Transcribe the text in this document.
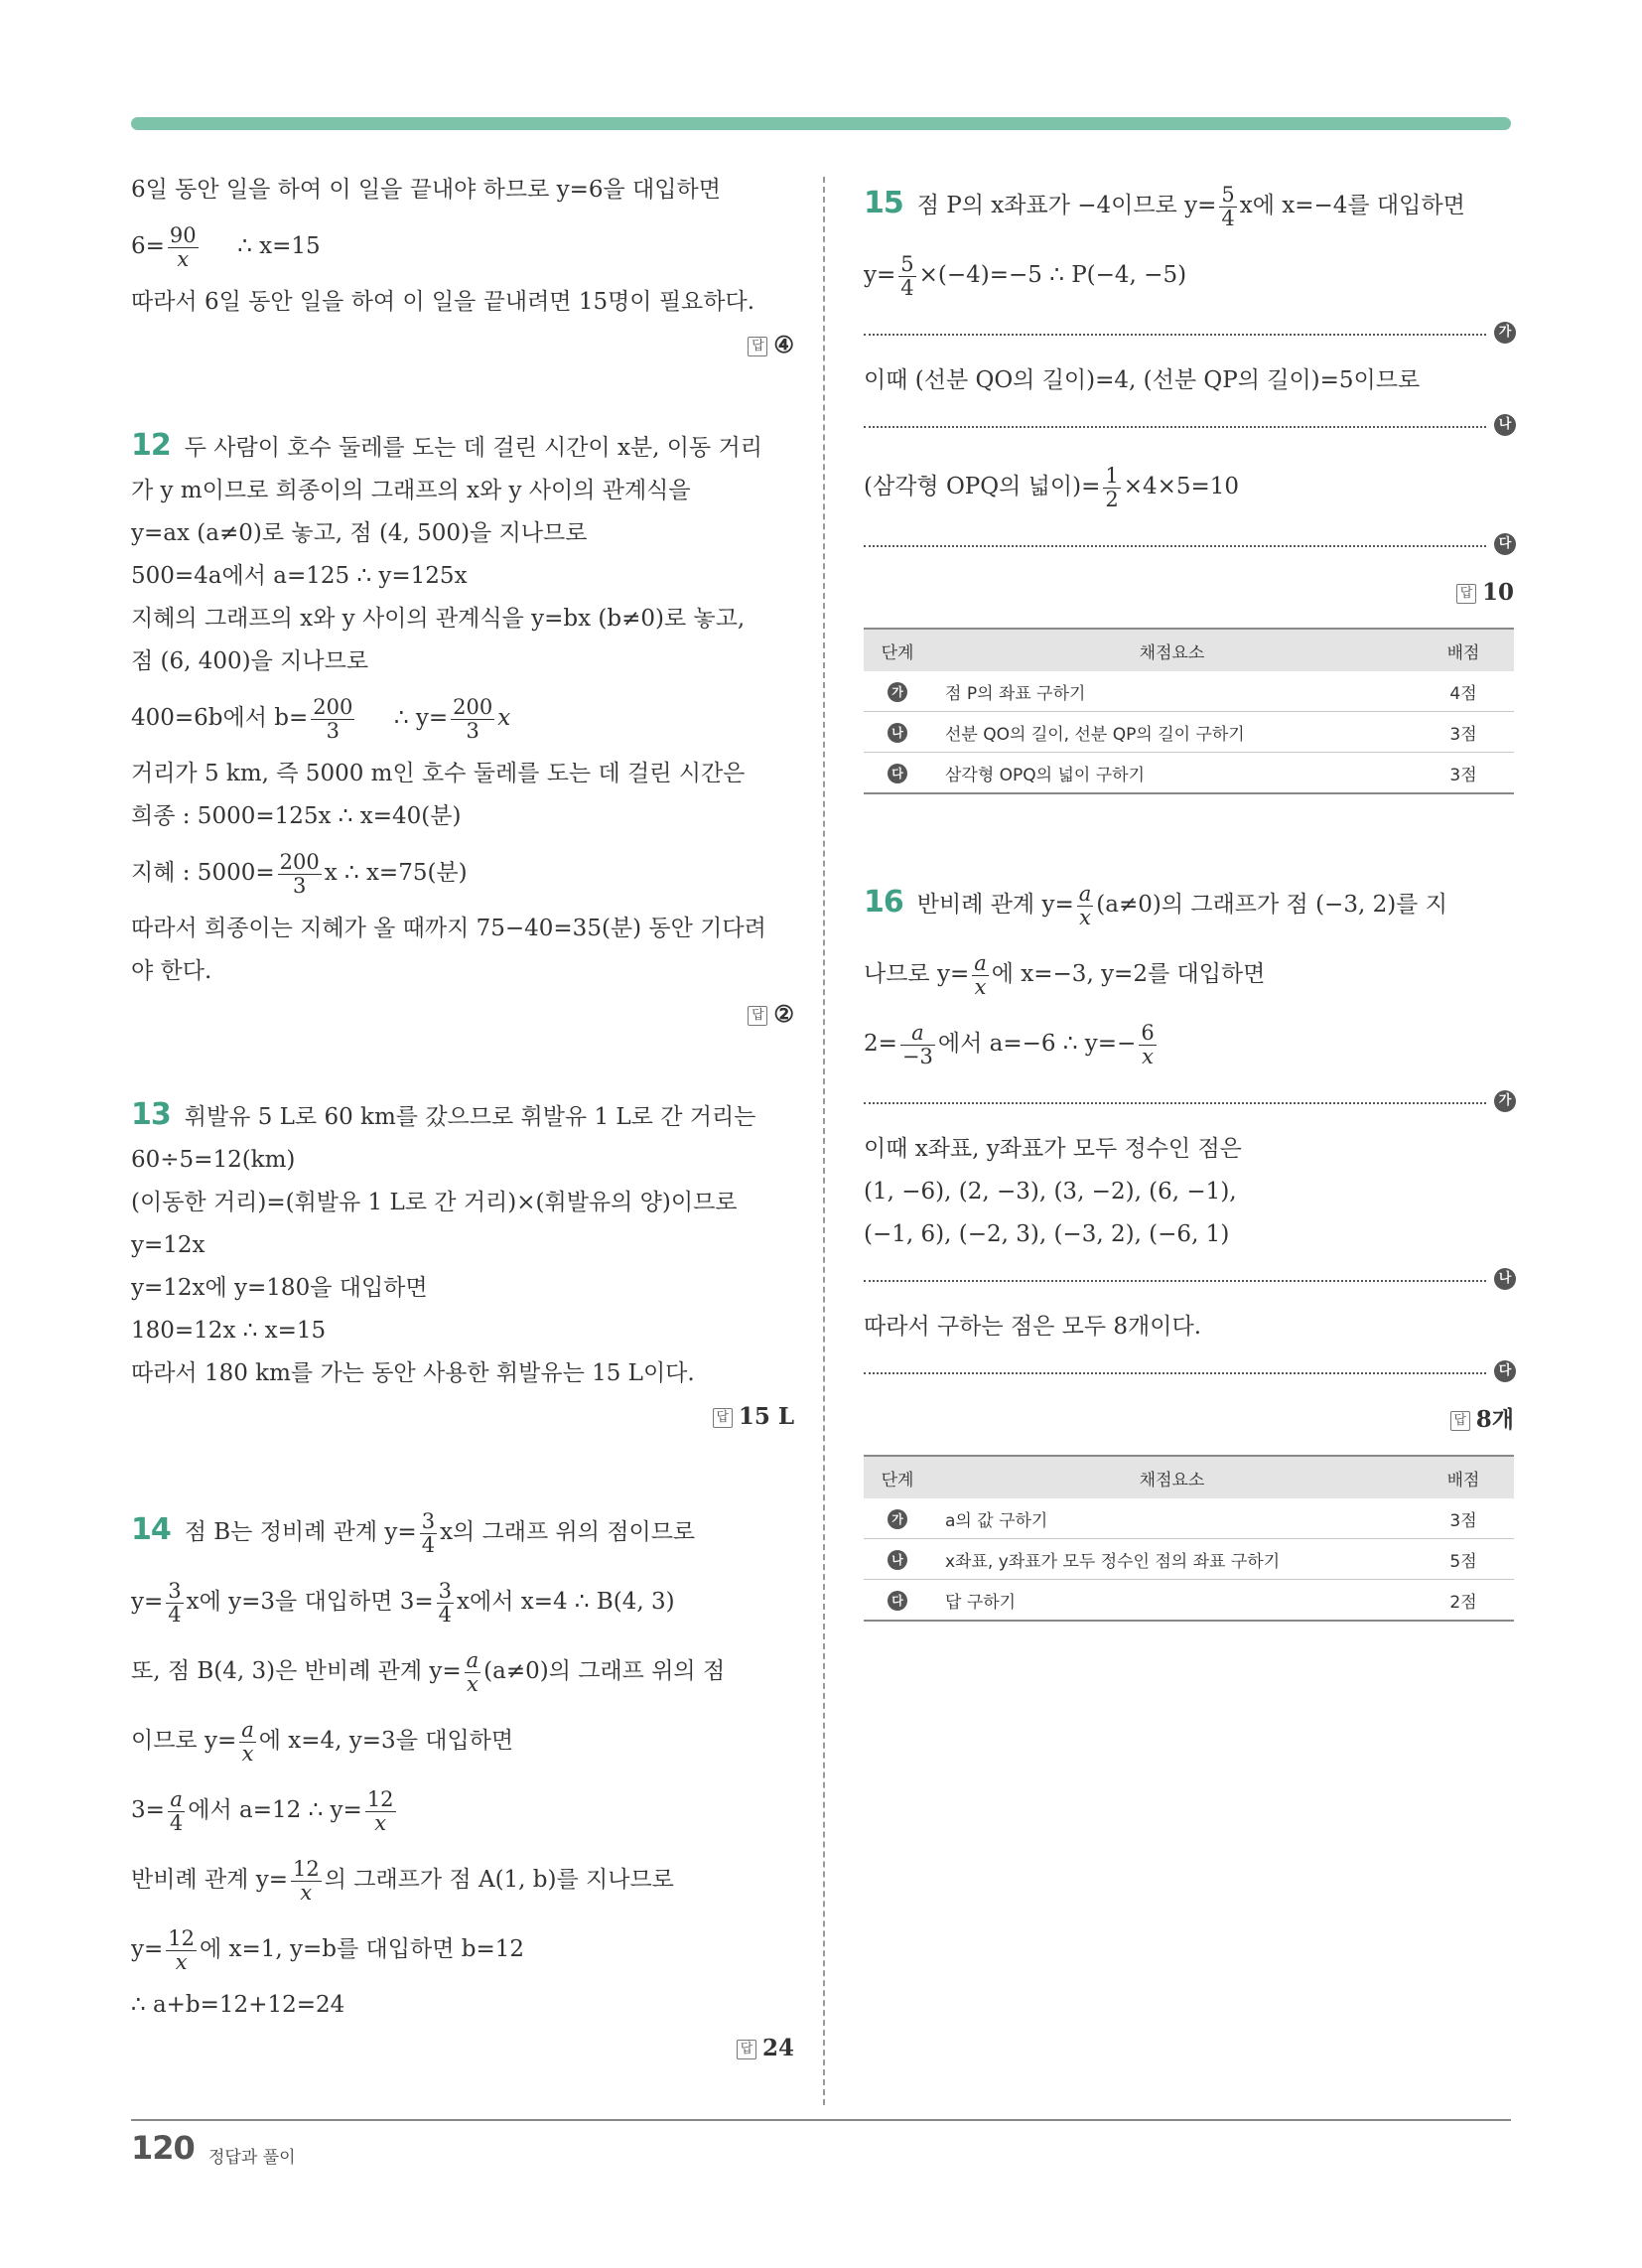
6일 동안 일을 하여 이 일을 끝내야 하므로 y=6을 대입하면
$6= \frac{90}{x}$ ∴ x=15
따라서 6일 동안 일을 하여 이 일을 끝내려면 15명이 필요하다.
답 ④
12 두 사람이 호수 둘레를 도는 데 걸린 시간이 x분, 이동 거리
가 y m이므로 희종이의 그래프의 x와 y 사이의 관계식을
y=ax (a≠0)로 놓고, 점 (4, 500)을 지나므로
500=4a에서 a=125 ∴ y=125x
지혜의 그래프의 x와 y 사이의 관계식을 y=bx (b≠0)로 놓고,
점 (6, 400)을 지나므로
400=6b에서 $b= \frac{200}{3}$ ∴ $y= \frac{200}{3}$ x
거리가 5 km, 즉 5000 m인 호수 둘레를 도는 데 걸린 시간은
희종 : 5000=125x ∴ x=40(분)
지혜 : $5000= \frac{200}{3}$ x ∴ x=75(분)
따라서 희종이는 지혜가 올 때까지 75−40=35(분) 동안 기다려
야 한다.
답 ②
13 휘발유 5 L로 60 km를 갔으므로 휘발유 1 L로 간 거리는
60÷5=12(km)
(이동한 거리)=(휘발유 1 L로 간 거리)×(휘발유의 양)이므로
y=12x
y=12x에 y=180을 대입하면
180=12x ∴ x=15
따라서 180 km를 가는 동안 사용한 휘발유는 15 L이다.
답 15 L
14 점 B는 정비례 관계 $y= \frac{3}{4}$ x의 그래프 위의 점이므로
$y= \frac{3}{4}$ x에 y=3을 대입하면 $3= \frac{3}{4}$ x에서 x=4 ∴ B(4, 3)
또, 점 B(4, 3)은 반비례 관계 $y= \frac{a}{x} (a\ne 0)$의 그래프 위의 점
이므로 $y= \frac{a}{x}$ 에 x=4, y=3을 대입하면
$3= \frac{a}{4}$ 에서 a=12 ∴ $y= \frac{12}{x}$
반비례 관계 $y= \frac{12}{x}$ 의 그래프가 점 A(1, b)를 지나므로
$y= \frac{12}{x}$ 에 x=1, y=b를 대입하면 b=12
∴ a+b=12+12=24
답 24
15 점 P의 x좌표가 −4이므로 $y= \frac{5}{4}$ x에 x=−4를 대입하면
$y= \frac{5}{4} \times(-4)=-5$ ∴ P(−4, −5)
가
이때 (선분 QO의 길이)=4, (선분 QP의 길이)=5이므로
나
(삼각형 OPQ의 넓이)= $\frac{1}{2} \times 4\times 5=10$
다
답 10
단계	채점요소	배점
가	점 P의 좌표 구하기	4점
나	선분 QO의 길이, 선분 QP의 길이 구하기	3점
다	삼각형 OPQ의 넓이 구하기	3점
16 반비례 관계 $y= \frac{a}{x} (a\ne 0)$의 그래프가 점 (−3, 2)를 지
나므로 $y= \frac{a}{x}$ 에 x=−3, y=2를 대입하면
$2= \frac{a}{-3}$ 에서 a=−6 ∴ $y=- \frac{6}{x}$
가
이때 x좌표, y좌표가 모두 정수인 점은
(1, −6), (2, −3), (3, −2), (6, −1),
(−1, 6), (−2, 3), (−3, 2), (−6, 1)
나
따라서 구하는 점은 모두 8개이다.
다
답 8개
단계	채점요소	배점
가	a의 값 구하기	3점
나	x좌표, y좌표가 모두 정수인 점의 좌표 구하기	5점
다	답 구하기	2점
120 정답과 풀이
